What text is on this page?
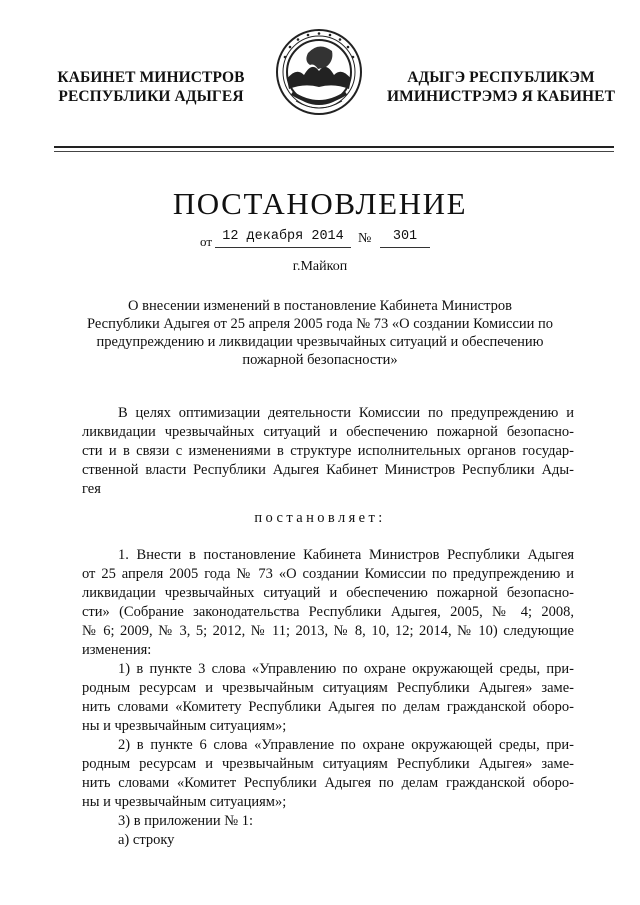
КАБИНЕТ МИНИСТРОВ
РЕСПУБЛИКИ АДЫГЕЯ
АДЫГЭ РЕСПУБЛИКЭМ
ИМИНИСТРЭМЭ Я КАБИНЕТ
ПОСТАНОВЛЕНИЕ
от 12 декабря 2014	№	301
г.Майкоп
О внесении изменений в постановление Кабинета Министров
Республики Адыгея от 25 апреля 2005 года № 73 «О создании Комиссии по
предупреждению и ликвидации чрезвычайных ситуаций и обеспечению
пожарной безопасности»
В целях оптимизации деятельности Комиссии по предупреждению и
ликвидации чрезвычайных ситуаций и обеспечению пожарной безопасно-
сти и в связи с изменениями в структуре исполнительных органов государ-
ственной власти Республики Адыгея Кабинет Министров Республики Ады-
гея
постановляет:
1. Внести в постановление Кабинета Министров Республики Адыгея
от 25 апреля 2005 года № 73 «О создании Комиссии по предупреждению и
ликвидации чрезвычайных ситуаций и обеспечению пожарной безопасно-
сти» (Собрание законодательства Республики Адыгея, 2005, № 4; 2008,
№ 6; 2009, № 3, 5; 2012, № 11; 2013, № 8, 10, 12; 2014, № 10) следующие
изменения:
1) в пункте 3 слова «Управлению по охране окружающей среды, при-
родным ресурсам и чрезвычайным ситуациям Республики Адыгея» заме-
нить словами «Комитету Республики Адыгея по делам гражданской оборо-
ны и чрезвычайным ситуациям»;
2) в пункте 6 слова «Управление по охране окружающей среды, при-
родным ресурсам и чрезвычайным ситуациям Республики Адыгея» заме-
нить словами «Комитет Республики Адыгея по делам гражданской оборо-
ны и чрезвычайным ситуациям»;
3) в приложении № 1:
а) строку
